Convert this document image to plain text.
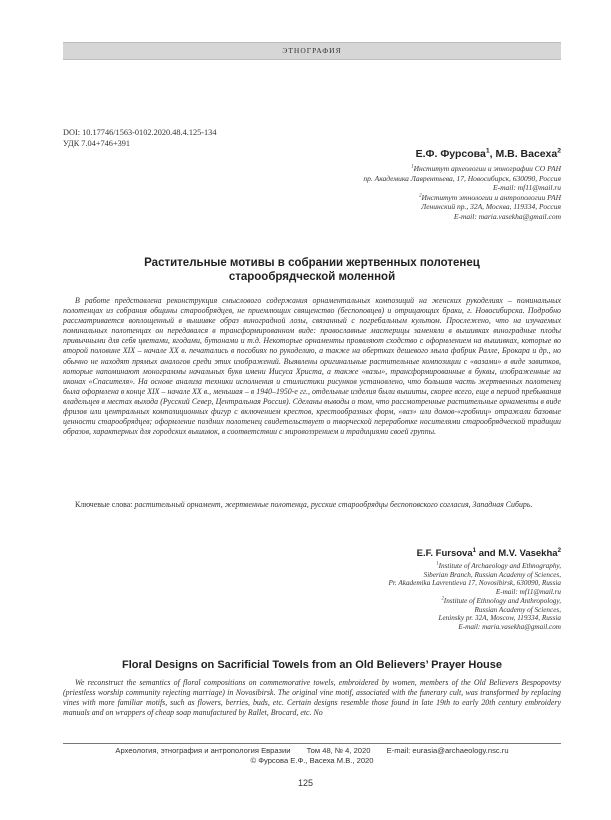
ЭТНОГРАФИЯ
DOI: 10.17746/1563-0102.2020.48.4.125-134
УДК 7.04+746+391
Е.Ф. Фурсова$^1$, М.В. Васеха$^2$
$^1$Институт археологии и этнографии СО РАН
пр. Академика Лаврентьева, 17, Новосибирск, 630090, Россия
E-mail: mf11@mail.ru
$^2$Институт этнологии и антропологии РАН
Ленинский пр., 32А, Москва, 119334, Россия
E-mail: maria.vasekha@gmail.com
Растительные мотивы в собрании жертвенных полотенец
старообрядческой моленной
В работе представлена реконструкция смыслового содержания орнаментальных композиций на женских рукоделиях – поминальных полотенцах из собрания общины старообрядцев, не приемлющих священство (беспоповцев) и отрицающих браки, г. Новосибирска. Подробно рассматривается воплощенный в вышивке образ виноградной лозы, связанный с погребальным культом. Прослежено, что на изучаемых поминальных полотенцах он передавался в трансформированном виде: православные мастерицы заменяли в вышивках виноградные плоды привычными для себя цветами, ягодами, бутонами и т.д. Некоторые орнаменты проявляют сходство с оформлением на вышивках, которые во второй половине XIX – начале XX в. печатались в пособиях по рукоделию, а также на обертках дешевого мыла фабрик Ралле, Брокара и др., но обычно не находят прямых аналогов среди этих изображений. Выявлены оригинальные растительные композиции с «вазами» в виде завитков, которые напоминают монограммы начальных букв имени Иисуса Христа, а также «вазы», трансформированные в буквы, изображенные на иконах «Спасителя». На основе анализа техники исполнения и стилистики рисунков установлено, что большая часть жертвенных полотенец была оформлена в конце XIX – начале XX в., меньшая – в 1940–1950-е гг., отдельные изделия были вышиты, скорее всего, еще в период пребывания владельцев в местах выхода (Русский Север, Центральная Россия). Сделаны выводы о том, что рассмотренные растительные орнаменты в виде фризов или центральных композиционных фигур с включением крестов, крестообразных форм, «ваз» или домов-«гробниц» отражали базовые ценности старообрядцев; оформление поздних полотенец свидетельствует о творческой переработке носителями старообрядческой традиции образов, характерных для городских вышивок, в соответствии с мировоззрением и традициями своей группы.
Ключевые слова: растительный орнамент, жертвенные полотенца, русские старообрядцы беспоповского согласия, Западная Сибирь.
E.F. Fursova$^1$ and M.V. Vasekha$^2$
$^1$Institute of Archaeology and Ethnography,
Siberian Branch, Russian Academy of Sciences,
Pr. Akademika Lavrentieva 17, Novosibirsk, 630090, Russia
E-mail: mf11@mail.ru
$^2$Institute of Ethnology and Anthropology,
Russian Academy of Sciences,
Leninsky pr. 32A, Moscow, 119334, Russia
E-mail: maria.vasekha@gmail.com
Floral Designs on Sacrificial Towels from an Old Believers’ Prayer House
We reconstruct the semantics of floral compositions on commemorative towels, embroidered by women, members of the Old Believers Bespopovtsy (priestless worship community rejecting marriage) in Novosibirsk. The original vine motif, associated with the funerary cult, was transformed by replacing vines with more familiar motifs, such as flowers, berries, buds, etc. Certain designs resemble those found in late 19th to early 20th century embroidery manuals and on wrappers of cheap soap manufactured by Rallet, Brocard, etc. No
Археология, этнография и антропология Евразии Том 48, № 4, 2020 E-mail: eurasia@archaeology.nsc.ru
© Фурсова Е.Ф., Васеха М.В., 2020
125
